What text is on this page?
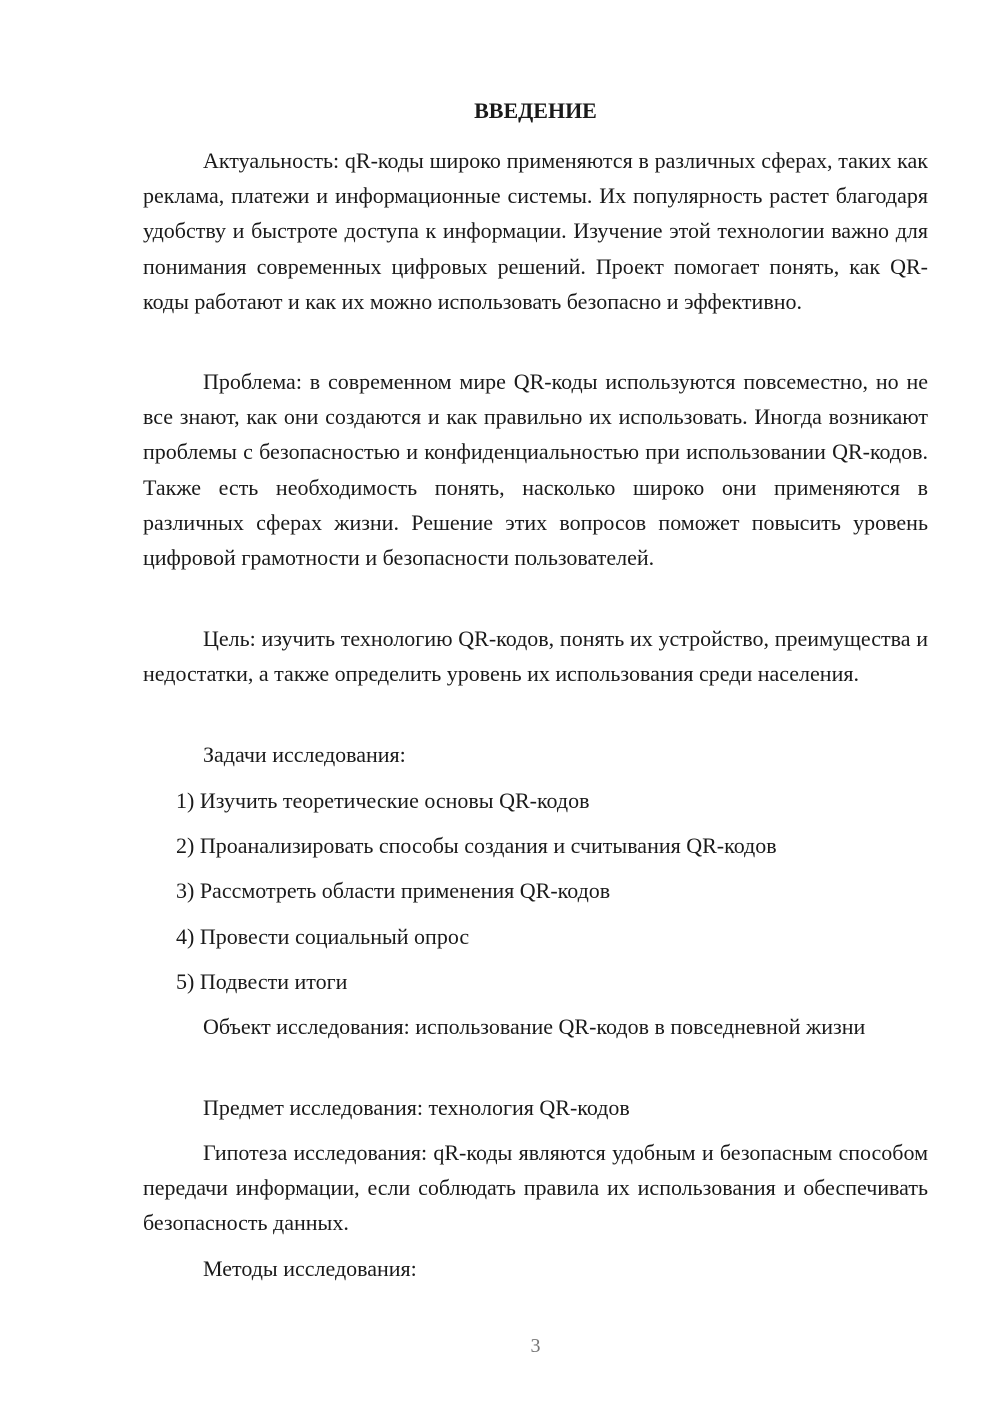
ВВЕДЕНИЕ

Актуальность: qR-коды широко применяются в различных сферах, таких как реклама, платежи и информационные системы. Их популярность растет благодаря удобству и быстроте доступа к информации. Изучение этой технологии важно для понимания современных цифровых решений. Проект помогает понять, как QR-коды работают и как их можно использовать безопасно и эффективно.

Проблема: в современном мире QR-коды используются повсеместно, но не все знают, как они создаются и как правильно их использовать. Иногда возникают проблемы с безопасностью и конфиденциальностью при использовании QR-кодов. Также есть необходимость понять, насколько широко они применяются в различных сферах жизни. Решение этих вопросов поможет повысить уровень цифровой грамотности и безопасности пользователей.

Цель: изучить технологию QR-кодов, понять их устройство, преимущества и недостатки, а также определить уровень их использования среди населения.

Задачи исследования:

1) Изучить теоретические основы QR-кодов

2) Проанализировать способы создания и считывания QR-кодов

3) Рассмотреть области применения QR-кодов

4) Провести социальный опрос

5) Подвести итоги

Объект исследования: использование QR-кодов в повседневной жизни

Предмет исследования: технология QR-кодов

Гипотеза исследования: qR-коды являются удобным и безопасным способом передачи информации, если соблюдать правила их использования и обеспечивать безопасность данных.

Методы исследования:

3
